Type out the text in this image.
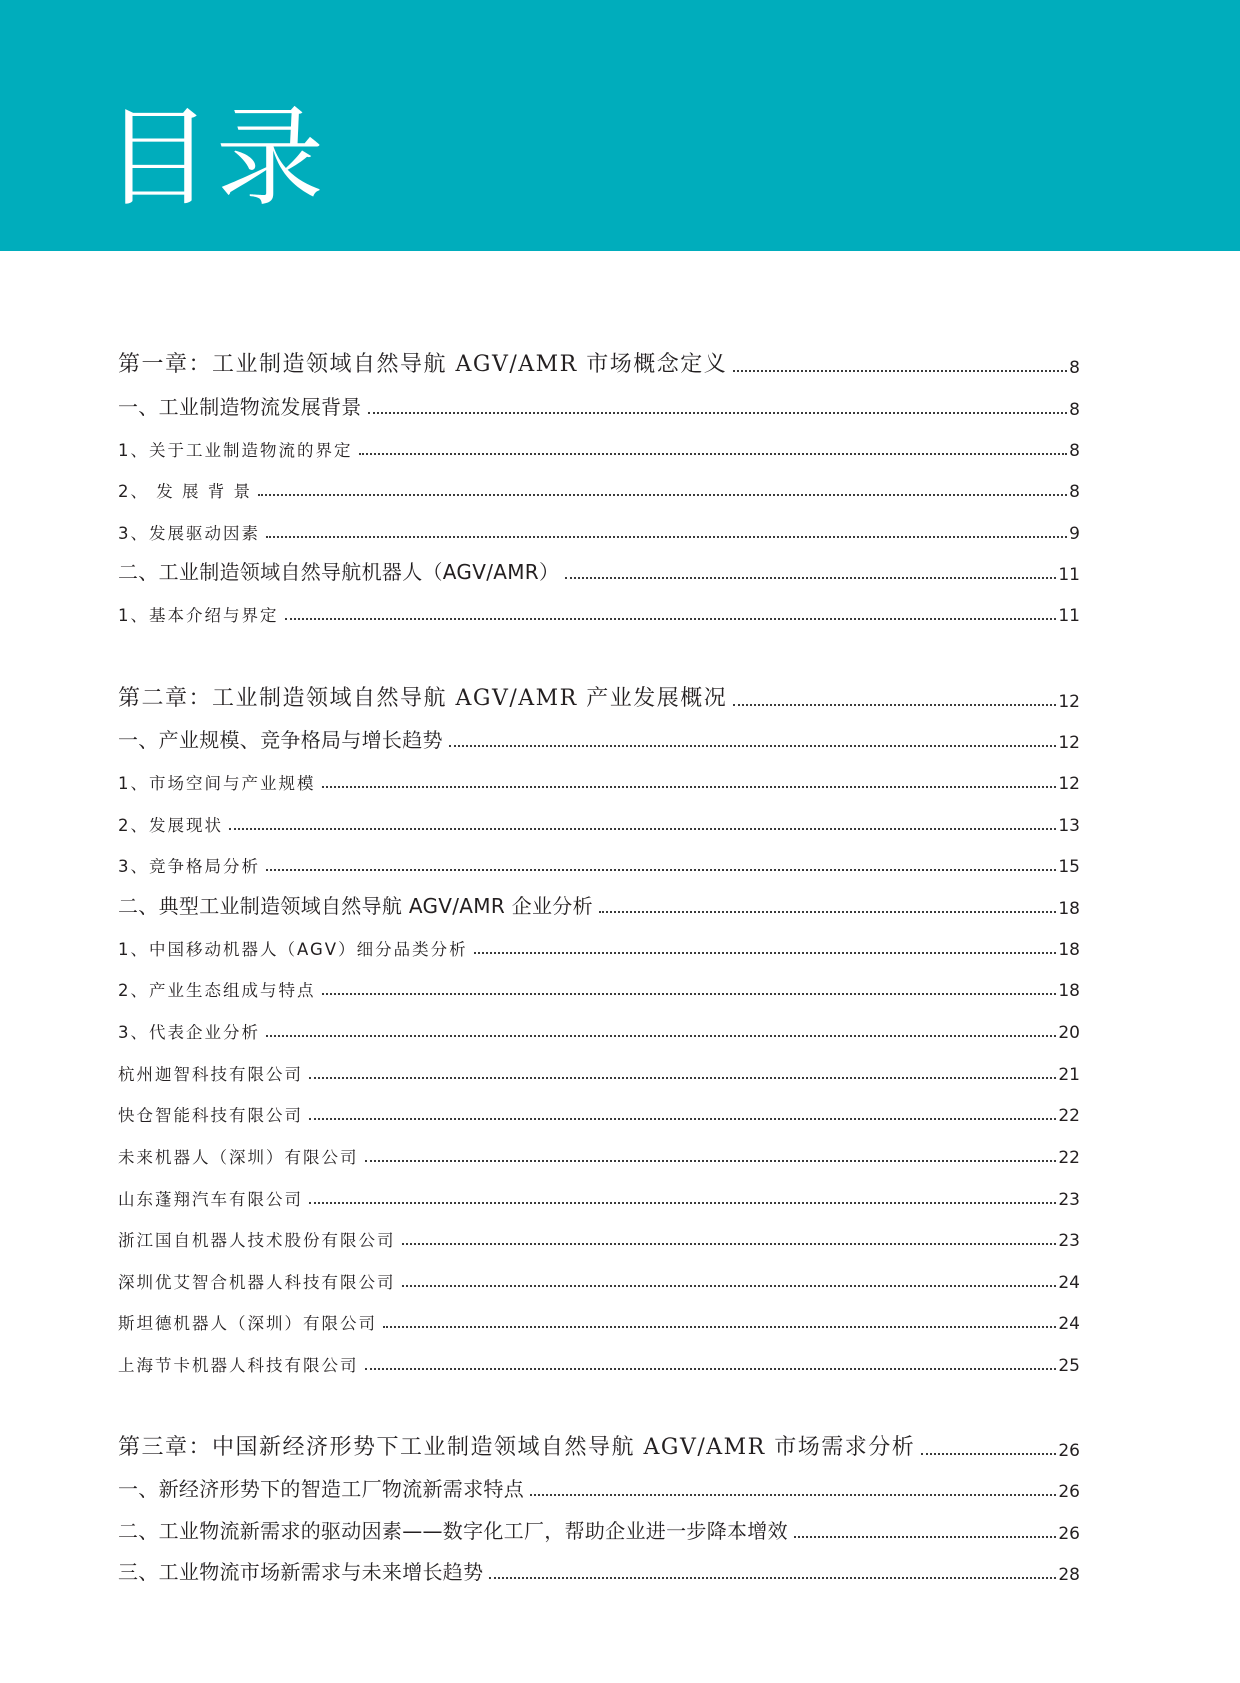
目录
第一章：工业制造领域自然导航 AGV/AMR 市场概念定义	8
一、工业制造物流发展背景	8
1、关于工业制造物流的界定	8
2、 发 展 背 景	8
3、发展驱动因素	9
二、工业制造领域自然导航机器人（AGV/AMR）	11
1、基本介绍与界定	11
第二章：工业制造领域自然导航 AGV/AMR 产业发展概况	12
一、产业规模、竞争格局与增长趋势	12
1、市场空间与产业规模	12
2、发展现状	13
3、竞争格局分析	15
二、典型工业制造领域自然导航 AGV/AMR 企业分析	18
1、中国移动机器人（AGV）细分品类分析	18
2、产业生态组成与特点	18
3、代表企业分析	20
杭州迦智科技有限公司	21
快仓智能科技有限公司	22
未来机器人（深圳）有限公司	22
山东蓬翔汽车有限公司	23
浙江国自机器人技术股份有限公司	23
深圳优艾智合机器人科技有限公司	24
斯坦德机器人（深圳）有限公司	24
上海节卡机器人科技有限公司	25
第三章：中国新经济形势下工业制造领域自然导航 AGV/AMR 市场需求分析	26
一、新经济形势下的智造工厂物流新需求特点	26
二、工业物流新需求的驱动因素——数字化工厂，帮助企业进一步降本增效	26
三、工业物流市场新需求与未来增长趋势	28
